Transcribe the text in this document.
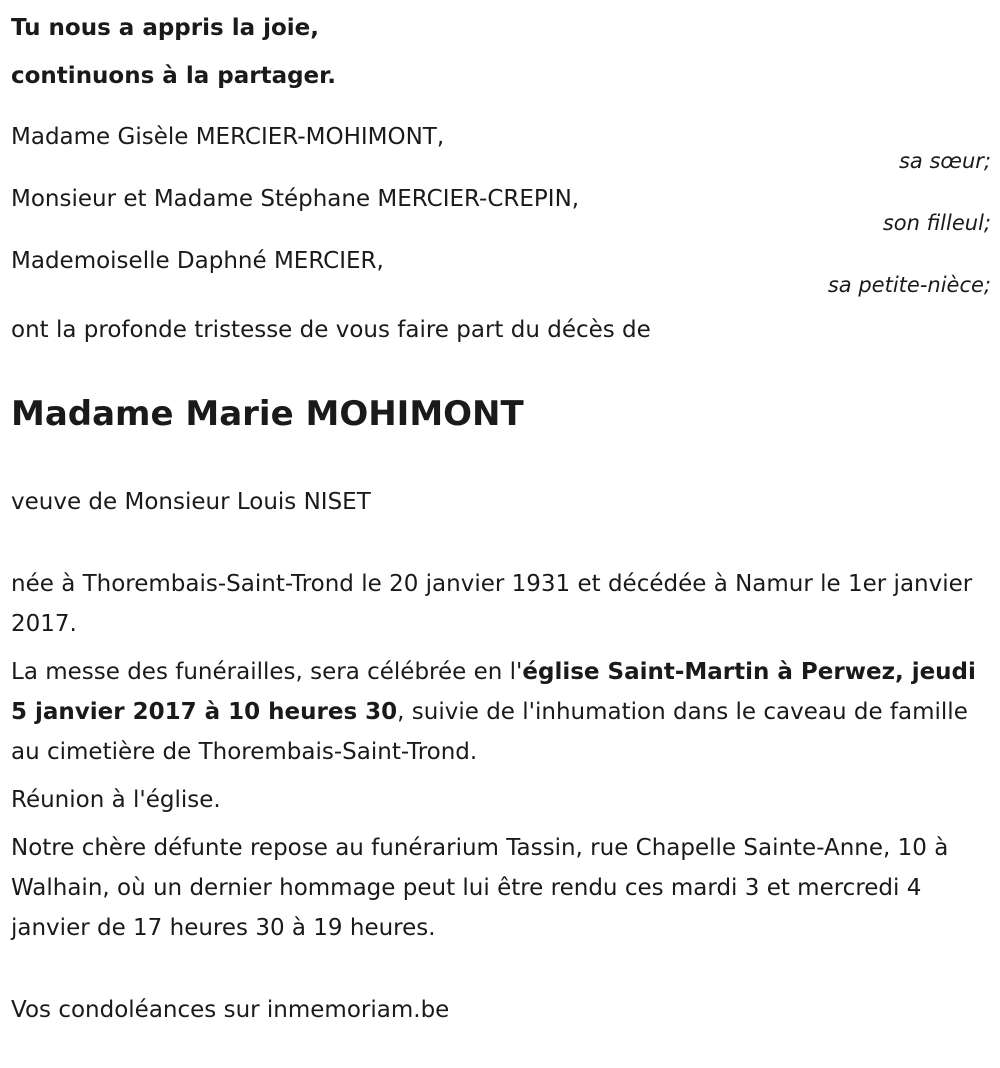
Tu nous a appris la joie,
continuons à la partager.
Madame Gisèle MERCIER-MOHIMONT,
sa sœur;
Monsieur et Madame Stéphane MERCIER-CREPIN,
son filleul;
Mademoiselle Daphné MERCIER,
sa petite-nièce;

ont la profonde tristesse de vous faire part du décès de

Madame Marie MOHIMONT

veuve de Monsieur Louis NISET

née à Thorembais-Saint-Trond le 20 janvier 1931 et décédée à Namur le 1er janvier 2017.

La messe des funérailles, sera célébrée en l'église Saint-Martin à Perwez, jeudi 5 janvier 2017 à 10 heures 30, suivie de l'inhumation dans le caveau de famille au cimetière de Thorembais-Saint-Trond.

Réunion à l'église.

Notre chère défunte repose au funérarium Tassin, rue Chapelle Sainte-Anne, 10 à Walhain, où un dernier hommage peut lui être rendu ces mardi 3 et mercredi 4 janvier de 17 heures 30 à 19 heures.

Vos condoléances sur inmemoriam.be
